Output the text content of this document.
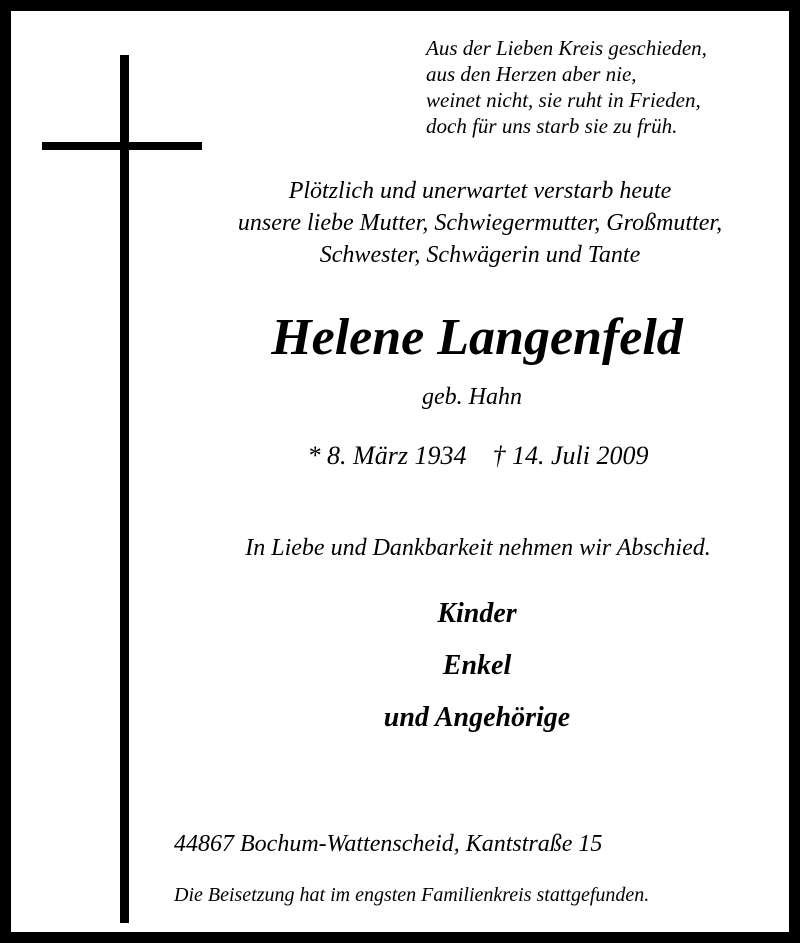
Aus der Lieben Kreis geschieden,
aus den Herzen aber nie,
weinet nicht, sie ruht in Frieden,
doch für uns starb sie zu früh.
Plötzlich und unerwartet verstarb heute
unsere liebe Mutter, Schwiegermutter, Großmutter,
Schwester, Schwägerin und Tante
Helene Langenfeld
geb. Hahn
* 8. März 1934 † 14. Juli 2009
In Liebe und Dankbarkeit nehmen wir Abschied.
Kinder
Enkel
und Angehörige
44867 Bochum-Wattenscheid, Kantstraße 15
Die Beisetzung hat im engsten Familienkreis stattgefunden.
